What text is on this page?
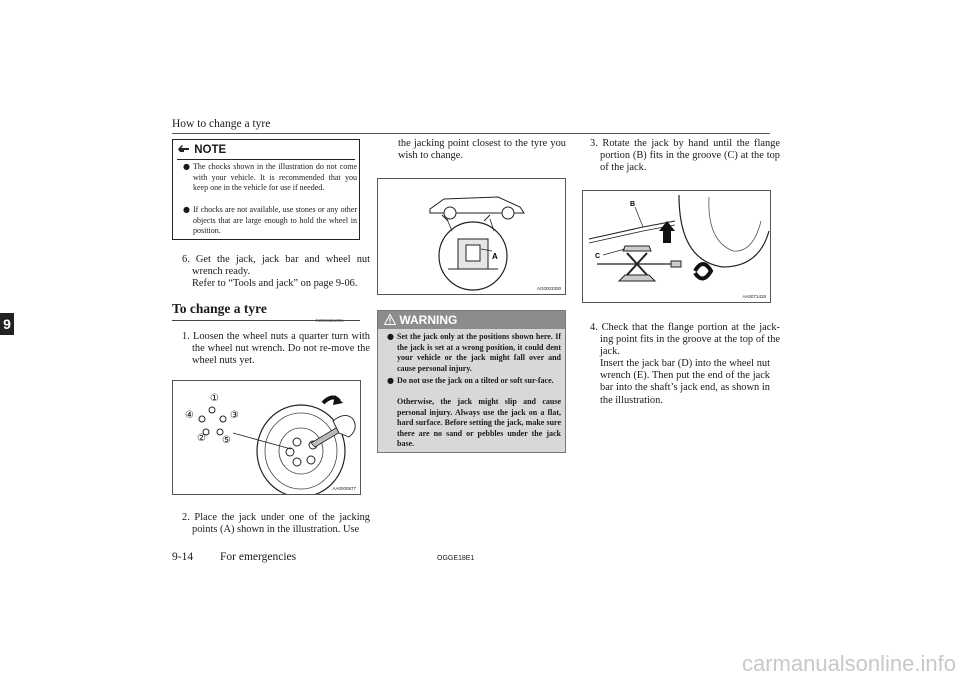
How to change a tyre
9
NOTE
● The chocks shown in the illustration do not come with your vehicle. It is recommended that you keep one in the vehicle for use if needed.
● If chocks are not available, use stones or any other objects that are large enough to hold the wheel in position.
6. Get the jack, jack bar and wheel nut wrench ready.
Refer to “Tools and jack” on page 9-06.
To change a tyre
1. Loosen the wheel nuts a quarter turn with the wheel nut wrench. Do not re-move the wheel nuts yet.
①
②
③
④
⑤
AA0000877
2. Place the jack under one of the jacking points (A) shown in the illustration. Use
the jacking point closest to the tyre you wish to change.
A
AG0003300
WARNING
● Set the jack only at the positions shown here. If the jack is set at a wrong position, it could dent your vehicle or the jack might fall over and cause personal injury.
● Do not use the jack on a tilted or soft sur-face.
Otherwise, the jack might slip and cause personal injury. Always use the jack on a flat, hard surface. Before setting the jack, make sure there are no sand or pebbles under the jack base.
3. Rotate the jack by hand until the flange portion (B) fits in the groove (C) at the top of the jack.
B
C
AA0071428
4. Check that the flange portion at the jack-ing point fits in the groove at the top of the jack.
Insert the jack bar (D) into the wheel nut wrench (E). Then put the end of the jack bar into the shaft’s jack end, as shown in the illustration.
9-14 For emergencies	OGGE18E1
carmanualsonline.info
